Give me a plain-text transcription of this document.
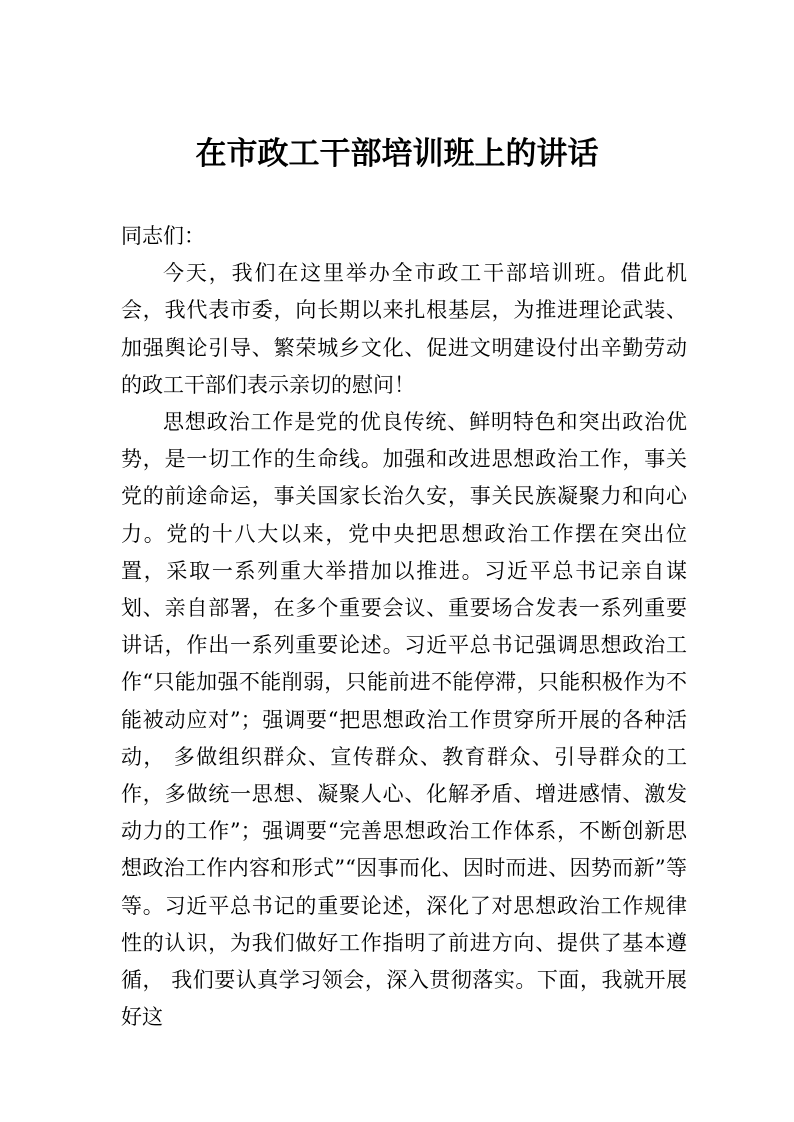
在市政工干部培训班上的讲话

同志们：

今天，我们在这里举办全市政工干部培训班。借此机会，我代表市委，向长期以来扎根基层，为推进理论武装、加强舆论引导、繁荣城乡文化、促进文明建设付出辛勤劳动的政工干部们表示亲切的慰问！

思想政治工作是党的优良传统、鲜明特色和突出政治优势，是一切工作的生命线。加强和改进思想政治工作，事关党的前途命运，事关国家长治久安，事关民族凝聚力和向心力。党的十八大以来，党中央把思想政治工作摆在突出位置，采取一系列重大举措加以推进。习近平总书记亲自谋划、亲自部署，在多个重要会议、重要场合发表一系列重要讲话，作出一系列重要论述。习近平总书记强调思想政治工作“只能加强不能削弱，只能前进不能停滞，只能积极作为不能被动应对”；强调要“把思想政治工作贯穿所开展的各种活动， 多做组织群众、宣传群众、教育群众、引导群众的工作，多做统一思想、凝聚人心、化解矛盾、增进感情、激发动力的工作”；强调要“完善思想政治工作体系，不断创新思想政治工作内容和形式”“因事而化、因时而进、因势而新”等等。习近平总书记的重要论述，深化了对思想政治工作规律性的认识，为我们做好工作指明了前进方向、提供了基本遵循， 我们要认真学习领会，深入贯彻落实。下面，我就开展好这
